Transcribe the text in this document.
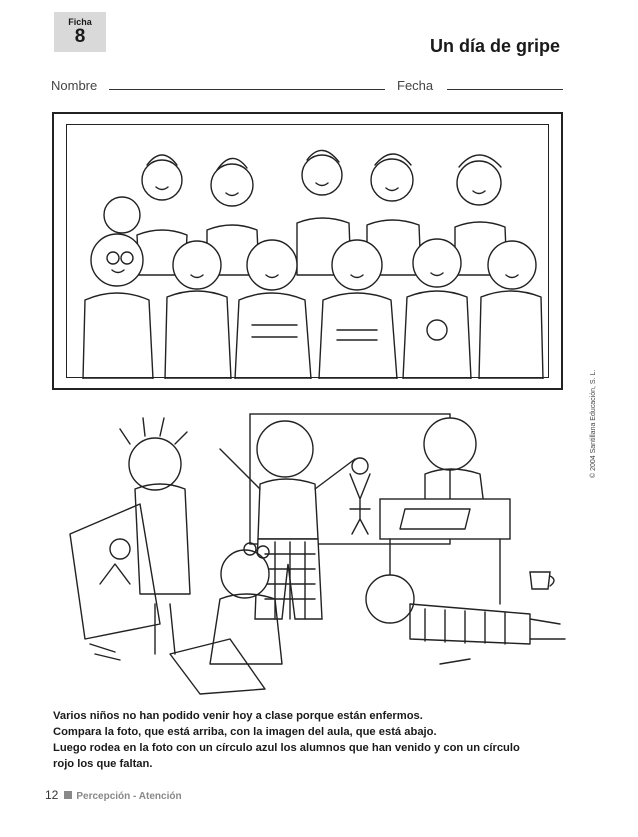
Ficha
8	Un día de gripe
Nombre	Fecha
© 2004 Santillana Educación, S. L.

Varios niños no han podido venir hoy a clase porque están enfermos.

Compara la foto, que está arriba, con la imagen del aula, que está abajo.

Luego rodea en la foto con un círculo azul los alumnos que han venido y con un círculo

rojo los que faltan.

12 Percepción - Atención
